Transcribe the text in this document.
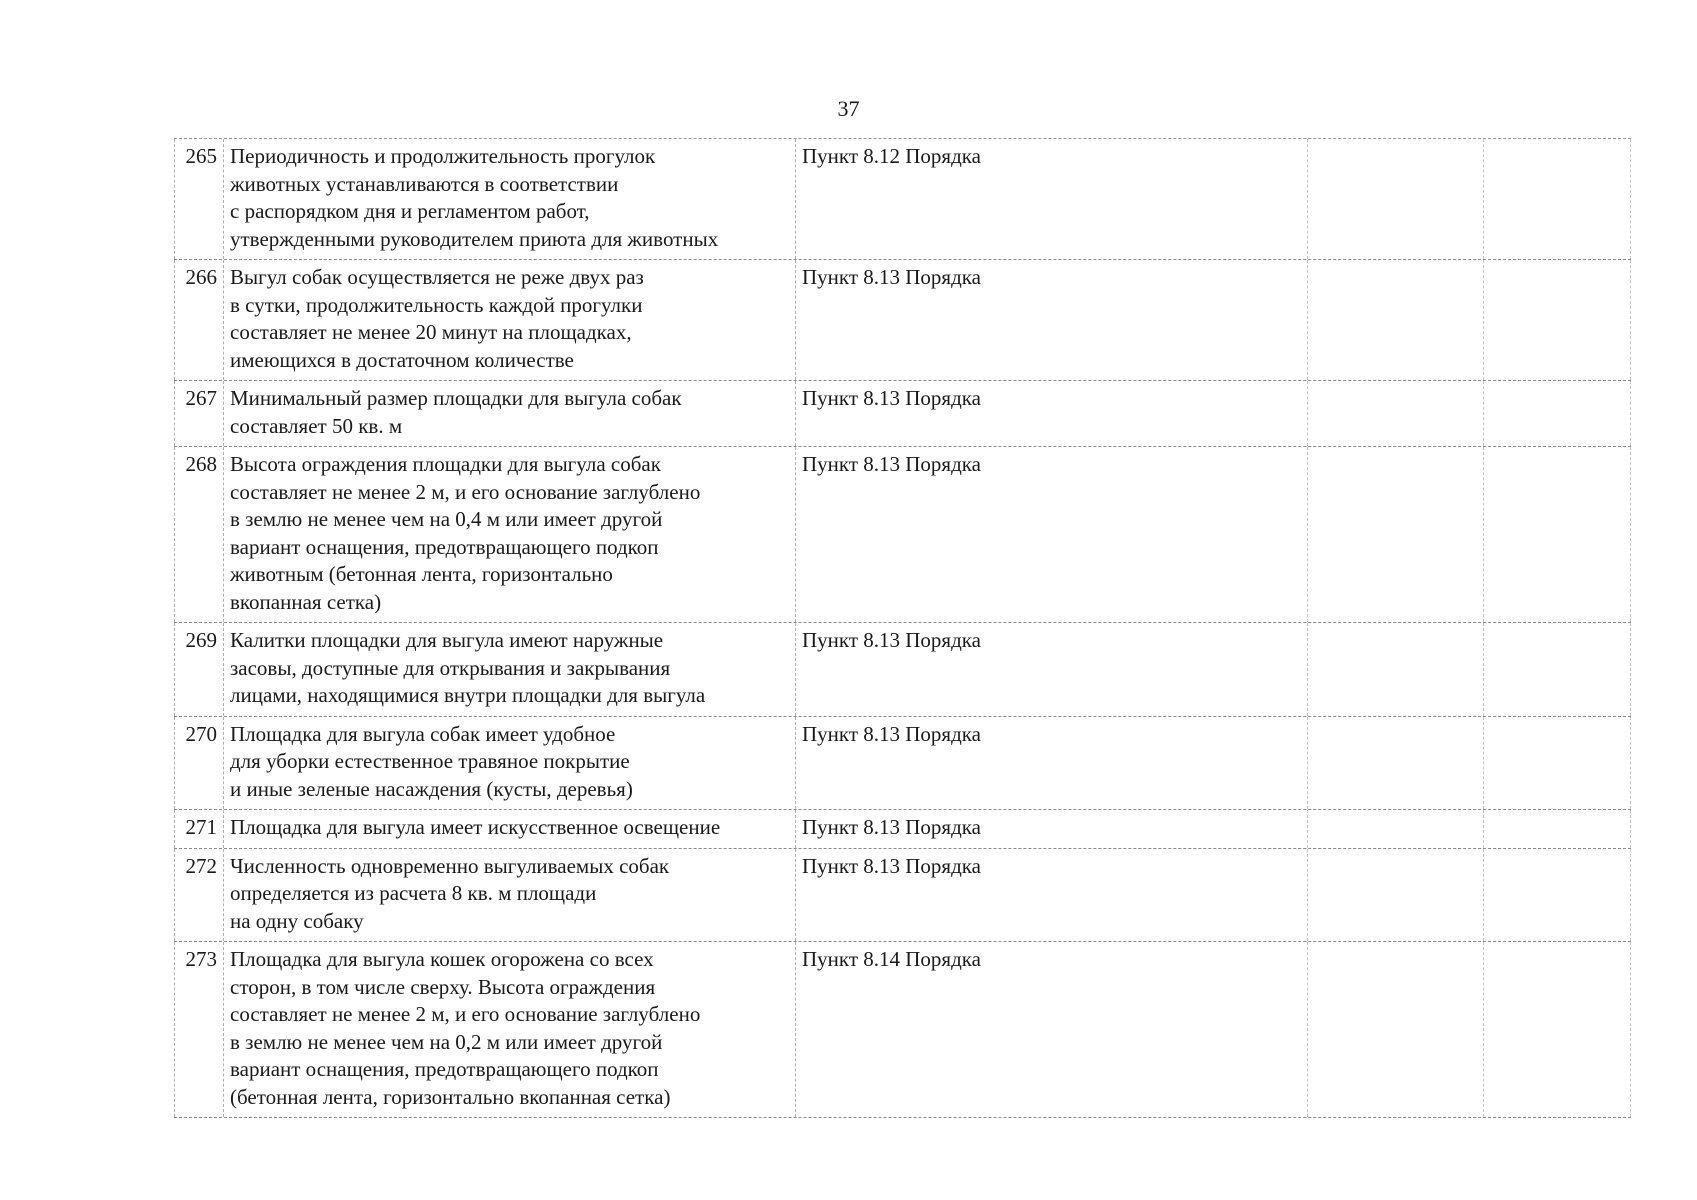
37
265 Периодичность и продолжительность прогулок
животных устанавливаются в соответствии
с распорядком дня и регламентом работ,
утвержденными руководителем приюта для животных
Пункт 8.12 Порядка
266 Выгул собак осуществляется не реже двух раз
в сутки, продолжительность каждой прогулки
составляет не менее 20 минут на площадках,
имеющихся в достаточном количестве
Пункт 8.13 Порядка
267 Минимальный размер площадки для выгула собак
составляет 50 кв. м
Пункт 8.13 Порядка
268 Высота ограждения площадки для выгула собак
составляет не менее 2 м, и его основание заглублено
в землю не менее чем на 0,4 м или имеет другой
вариант оснащения, предотвращающего подкоп
животным (бетонная лента, горизонтально
вкопанная сетка)
Пункт 8.13 Порядка
269 Калитки площадки для выгула имеют наружные
засовы, доступные для открывания и закрывания
лицами, находящимися внутри площадки для выгула
Пункт 8.13 Порядка
270 Площадка для выгула собак имеет удобное
для уборки естественное травяное покрытие
и иные зеленые насаждения (кусты, деревья)
Пункт 8.13 Порядка
271 Площадка для выгула имеет искусственное освещение	Пункт 8.13 Порядка
272 Численность одновременно выгуливаемых собак
определяется из расчета 8 кв. м площади
на одну собаку
Пункт 8.13 Порядка
273 Площадка для выгула кошек огорожена со всех
сторон, в том числе сверху. Высота ограждения
составляет не менее 2 м, и его основание заглублено
в землю не менее чем на 0,2 м или имеет другой
вариант оснащения, предотвращающего подкоп
(бетонная лента, горизонтально вкопанная сетка)
Пункт 8.14 Порядка
